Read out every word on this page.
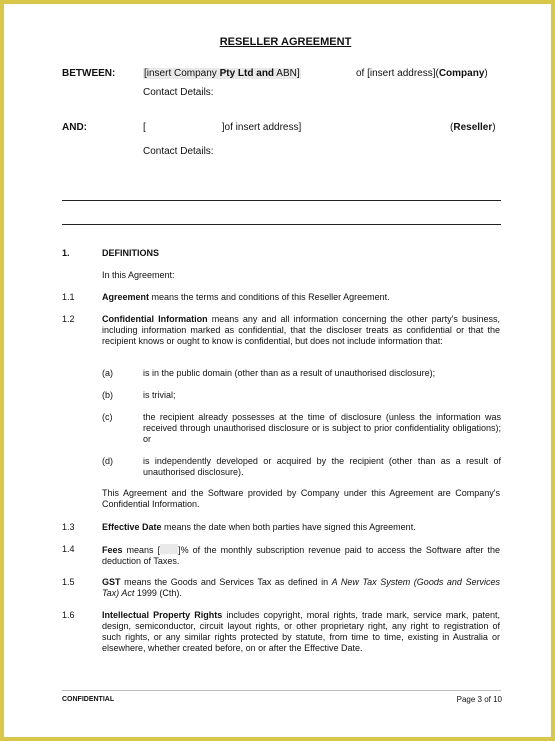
RESELLER AGREEMENT
BETWEEN:	[insert Company Pty Ltd and ABN]	of [insert address](Company)
Contact Details:
AND:	[	]of insert address]	(Reseller)
Contact Details:
1.	DEFINITIONS
In this Agreement:
1.1	Agreement means the terms and conditions of this Reseller Agreement.
1.2	Confidential Information means any and all information concerning the other party's business, including information marked as confidential, that the discloser treats as confidential or that the recipient knows or ought to know is confidential, but does not include information that:
(a)	is in the public domain (other than as a result of unauthorised disclosure);
(b)	is trivial;
(c)	the recipient already possesses at the time of disclosure (unless the information was received through unauthorised disclosure or is subject to prior confidentiality obligations); or
(d)	is independently developed or acquired by the recipient (other than as a result of unauthorised disclosure).
This Agreement and the Software provided by Company under this Agreement are Company's Confidential Information.
1.3	Effective Date means the date when both parties have signed this Agreement.
1.4	Fees means [ ]% of the monthly subscription revenue paid to access the Software after the deduction of Taxes.
1.5	GST means the Goods and Services Tax as defined in A New Tax System (Goods and Services Tax) Act 1999 (Cth).
1.6	Intellectual Property Rights includes copyright, moral rights, trade mark, service mark, patent, design, semiconductor, circuit layout rights, or other proprietary right, any right to registration of such rights, or any similar rights protected by statute, from time to time, existing in Australia or elsewhere, whether created before, on or after the Effective Date.
CONFIDENTIAL	Page 3 of 10
